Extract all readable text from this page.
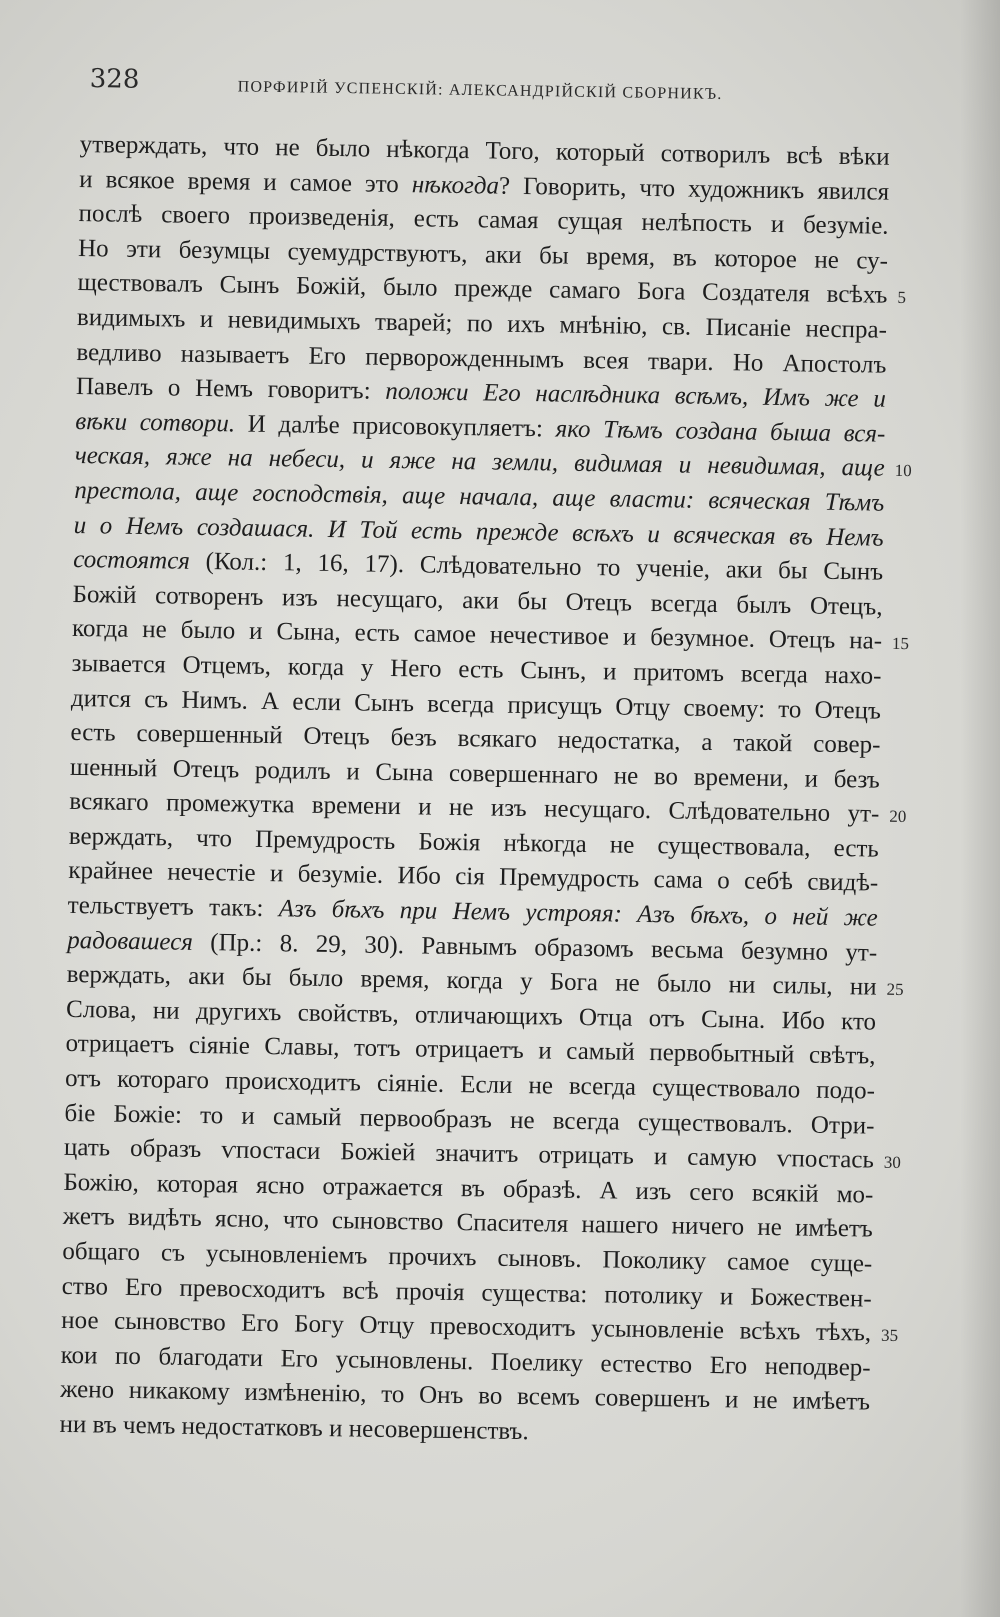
328	ПОРФИРІЙ УСПЕНСКІЙ: АЛЕКСАНДРІЙСКІЙ СБОРНИКЪ.
утверждать, что не было нѣкогда Того, который сотворилъ всѣ вѣки
и всякое время и самое это нѣкогда? Говорить, что художникъ явился
послѣ своего произведенія, есть самая сущая нелѣпость и безуміе.
Но эти безумцы суемудрствуютъ, аки бы время, въ которое не су-
ществовалъ Сынъ Божій, было прежде самаго Бога Создателя всѣхъ 5
видимыхъ и невидимыхъ тварей; по ихъ мнѣнію, св. Писаніе неспра-
ведливо называетъ Его перворожденнымъ всея твари. Но Апостолъ
Павелъ о Немъ говоритъ: положи Его наслѣдника всѣмъ, Имъ же и
вѣки сотвори. И далѣе присовокупляетъ: яко Тѣмъ создана быша вся-
ческая, яже на небеси, и яже на земли, видимая и невидимая, аще 10
престола, аще господствія, аще начала, аще власти: всяческая Тѣмъ
и о Немъ создашася. И Той есть прежде всѣхъ и всяческая въ Немъ
состоятся (Кол.: 1, 16, 17). Слѣдовательно то ученіе, аки бы Сынъ
Божій сотворенъ изъ несущаго, аки бы Отецъ всегда былъ Отецъ,
когда не было и Сына, есть самое нечестивое и безумное. Отецъ на- 15
зывается Отцемъ, когда у Него есть Сынъ, и притомъ всегда нахо-
дится съ Нимъ. А если Сынъ всегда присущъ Отцу своему: то Отецъ
есть совершенный Отецъ безъ всякаго недостатка, а такой совер-
шенный Отецъ родилъ и Сына совершеннаго не во времени, и безъ
всякаго промежутка времени и не изъ несущаго. Слѣдовательно ут- 20
верждать, что Премудрость Божія нѣкогда не существовала, есть
крайнее нечестіе и безуміе. Ибо сія Премудрость сама о себѣ свидѣ-
тельствуетъ такъ: Азъ бѣхъ при Немъ устрояя: Азъ бѣхъ, о ней же
радовашеся (Пр.: 8. 29, 30). Равнымъ образомъ весьма безумно ут-
верждать, аки бы было время, когда у Бога не было ни силы, ни 25
Слова, ни другихъ свойствъ, отличающихъ Отца отъ Сына. Ибо кто
отрицаетъ сіяніе Славы, тотъ отрицаетъ и самый первобытный свѣтъ,
отъ котораго происходитъ сіяніе. Если не всегда существовало подо-
біе Божіе: то и самый первообразъ не всегда существовалъ. Отри-
цать образъ ѵпостаси Божіей значитъ отрицать и самую ѵпостась 30
Божію, которая ясно отражается въ образѣ. А изъ сего всякій мо-
жетъ видѣть ясно, что сыновство Спасителя нашего ничего не имѣетъ
общаго съ усыновленіемъ прочихъ сыновъ. Поколику самое суще-
ство Его превосходитъ всѣ прочія существа: потолику и Божествен-
ное сыновство Его Богу Отцу превосходитъ усыновленіе всѣхъ тѣхъ, 35
кои по благодати Его усыновлены. Поелику естество Его неподвер-
жено никакому измѣненію, то Онъ во всемъ совершенъ и не имѣетъ
ни въ чемъ недостатковъ и несовершенствъ.
